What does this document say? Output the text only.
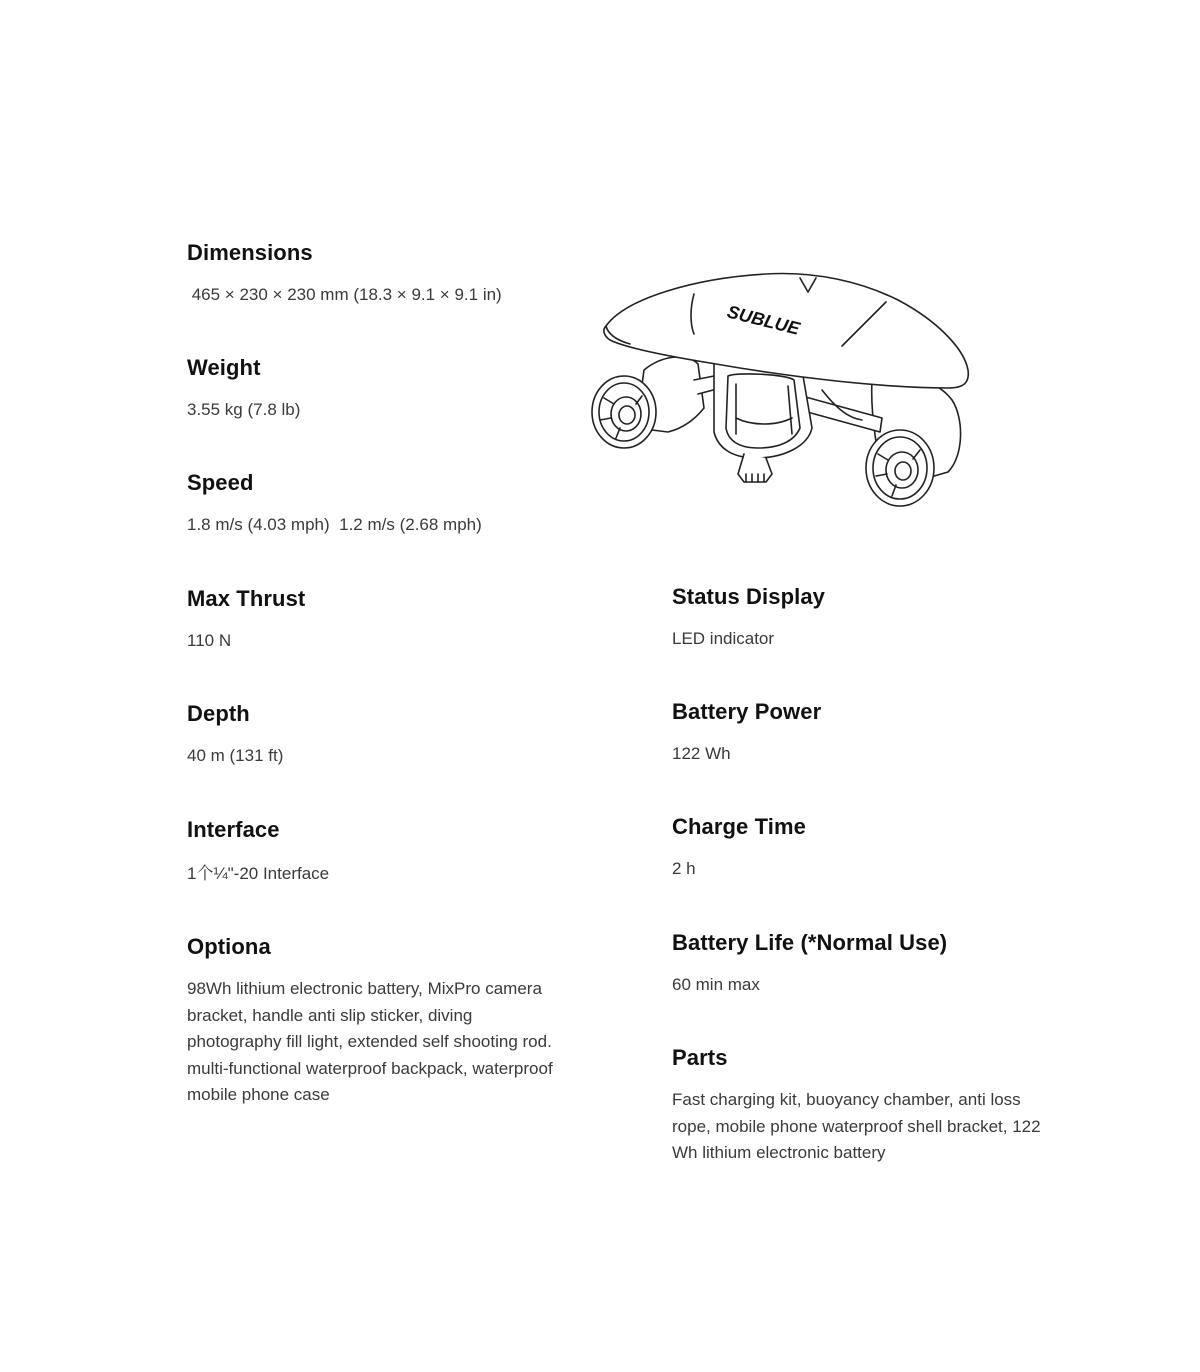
Dimensions

465 × 230 × 230 mm (18.3 × 9.1 × 9.1 in)

Weight

3.55 kg (7.8 lb)

Speed

1.8 m/s (4.03 mph)  1.2 m/s (2.68 mph)

Max Thrust

110 N

Depth

40 m (131 ft)

Interface

1个¼"-20 Interface

Optiona

98Wh lithium electronic battery, MixPro camera bracket, handle anti slip sticker, diving photography fill light, extended self shooting rod. multi-functional waterproof backpack, waterproof mobile phone case

Status Display

LED indicator

Battery Power

122 Wh

Charge Time

2 h

Battery Life (*Normal Use)

60 min max

Parts

Fast charging kit, buoyancy chamber, anti loss rope, mobile phone waterproof shell bracket, 122 Wh lithium electronic battery

SUBLUE
